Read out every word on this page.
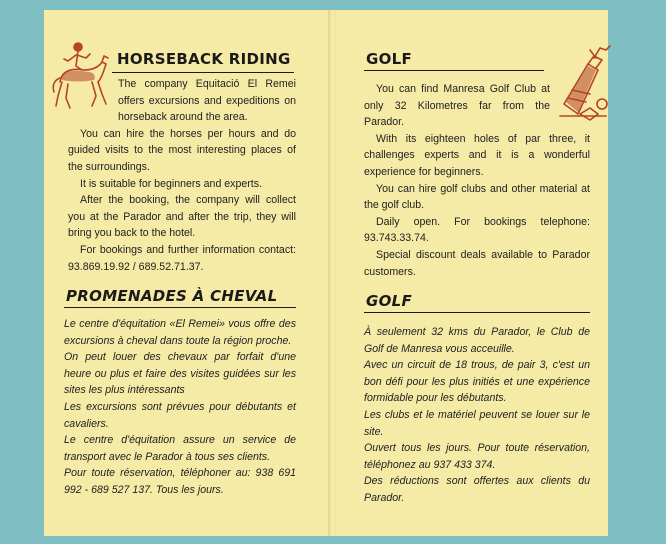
HORSEBACK RIDING

The company Equitació El Remei offers excursions and expeditions on horseback around the area.

You can hire the horses per hours and do guided visits to the most interesting places of the surroundings.

It is suitable for beginners and experts.

After the booking, the company will collect you at the Parador and after the trip, they will bring you back to the hotel.

For bookings and further information contact: 93.869.19.92 / 689.52.71.37.

PROMENADES À CHEVAL

Le centre d'équitation «El Remei» vous offre des excursions à cheval dans toute la région proche.

On peut louer des chevaux par forfait d'une heure ou plus et faire des visites guidées sur les sites les plus intéressants

Les excursions sont prévues pour débutants et cavaliers.

Le centre d'équitation assure un service de transport avec le Parador à tous ses clients.

Pour toute réservation, téléphoner au: 938 691 992 - 689 527 137. Tous les jours.

GOLF

You can find Manresa Golf Club at only 32 Kilometres far from the Parador.

With its eighteen holes of par three, it challenges experts and it is a wonderful experience for beginners.

You can hire golf clubs and other material at the golf club.

Daily open. For bookings telephone: 93.743.33.74.

Special discount deals available to Parador customers.

GOLF

À seulement 32 kms du Parador, le Club de Golf de Manresa vous acceuille.

Avec un circuit de 18 trous, de pair 3, c'est un bon défi pour les plus initiés et une expérience formidable pour les débutants.

Les clubs et le matériel peuvent se louer sur le site.

Ouvert tous les jours. Pour toute réservation, téléphonez au 937 433 374.

Des réductions sont offertes aux clients du Parador.
